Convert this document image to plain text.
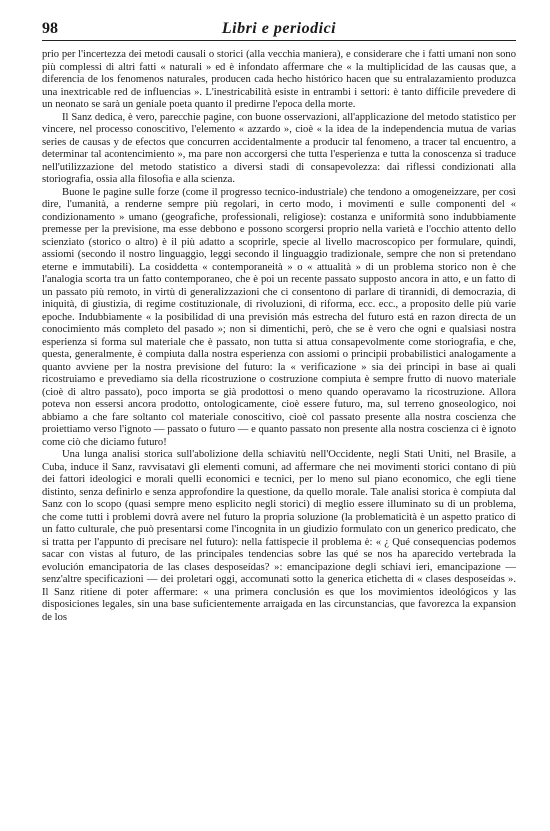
98	Libri e periodici

prio per l'incertezza dei metodi causali o storici (alla vecchia maniera), e considerare che i fatti umani non sono più complessi di altri fatti « naturali » ed è infondato affermare che « la multiplicidad de las causas que, a diferencia de los fenomenos naturales, producen cada hecho histórico hacen que su entralazamiento produzca una inextricable red de influencias ». L'inestricabilità esiste in entrambi i settori: è tanto difficile prevedere di un neonato se sarà un geniale poeta quanto il predirne l'epoca della morte.

Il Sanz dedica, è vero, parecchie pagine, con buone osservazioni, all'applicazione del metodo statistico per vincere, nel processo conoscitivo, l'elemento « azzardo », cioè « la idea de la independencia mutua de varias series de causas y de efectos que concurren accidentalmente a producir tal fenomeno, a tracer tal encuentro, a determinar tal acontencimiento », ma pare non accorgersi che tutta l'esperienza e tutta la conoscenza si traduce nell'utilizzazione del metodo statistico a diversi stadi di consapevolezza: dai riflessi condizionati alla storiografia, ossia alla filosofia e alla scienza.

Buone le pagine sulle forze (come il progresso tecnico-industriale) che tendono a omogeneizzare, per così dire, l'umanità, a renderne sempre più regolari, in certo modo, i movimenti e sulle componenti del « condizionamento » umano (geografiche, professionali, religiose): costanza e uniformità sono indubbiamente premesse per la previsione, ma esse debbono e possono scorgersi proprio nella varietà e l'occhio attento dello scienziato (storico o altro) è il più adatto a scoprirle, specie al livello macroscopico per formulare, quindi, assiomi (secondo il nostro linguaggio, leggi secondo il linguaggio tradizionale, sempre che non si pretendano eterne e immutabili). La cosiddetta « contemporaneità » o « attualità » di un problema storico non è che l'analogia scorta tra un fatto contemporaneo, che è poi un recente passato supposto ancora in atto, e un fatto di un passato più remoto, in virtù di generalizzazioni che ci consentono di parlare di tirannidi, di democrazia, di iniquità, di giustizia, di regime costituzionale, di rivoluzioni, di riforma, ecc. ecc., a proposito delle più varie epoche. Indubbiamente « la posibilidad di una previsión más estrecha del futuro está en razon directa de un conocimiento más completo del pasado »; non si dimentichi, però, che se è vero che ogni e qualsiasi nostra esperienza si forma sul materiale che è passato, non tutta si attua consapevolmente come storiografia, e che, questa, generalmente, è compiuta dalla nostra esperienza con assiomi o principii probabilistici analogamente a quanto avviene per la nostra previsione del futuro: la « verificazione » sia dei principi in base ai quali ricostruiamo e prevediamo sia della ricostruzione o costruzione compiuta è sempre frutto di nuovo materiale (cioè di altro passato), poco importa se già prodottosi o meno quando operavamo la ricostruzione. Allora poteva non essersi ancora prodotto, ontologicamente, cioè essere futuro, ma, sul terreno gnoseologico, noi abbiamo a che fare soltanto col materiale conoscitivo, cioè col passato presente alla nostra coscienza che proiettiamo verso l'ignoto — passato o futuro — e quanto passato non presente alla nostra coscienza ci è ignoto come ciò che diciamo futuro!

Una lunga analisi storica sull'abolizione della schiavitù nell'Occidente, negli Stati Uniti, nel Brasile, a Cuba, induce il Sanz, ravvisatavi gli elementi comuni, ad affermare che nei movimenti storici contano di più dei fattori ideologici e morali quelli economici e tecnici, per lo meno sul piano economico, che egli tiene distinto, senza definirlo e senza approfondire la questione, da quello morale. Tale analisi storica è compiuta dal Sanz con lo scopo (quasi sempre meno esplicito negli storici) di meglio essere illuminato su di un problema, che come tutti i problemi dovrà avere nel futuro la propria soluzione (la problematicità è un aspetto pratico di un fatto culturale, che può presentarsi come l'incognita in un giudizio formulato con un generico predicato, che si tratta per l'appunto di precisare nel futuro): nella fattispecie il problema è: « ¿ Qué consequencias podemos sacar con vistas al futuro, de las principales tendencias sobre las qué se nos ha aparecido vertebrada la evolución emancipatoria de las clases desposeídas? »: emancipazione degli schiavi ieri, emancipazione — senz'altre specificazioni — dei proletari oggi, accomunati sotto la generica etichetta di « clases desposeídas ». Il Sanz ritiene di poter affermare: « una primera conclusión es que los movimientos ideológicos y las disposiciones legales, sin una base suficientemente arraigada en las circunstancias, que favorezca la expansion de los
